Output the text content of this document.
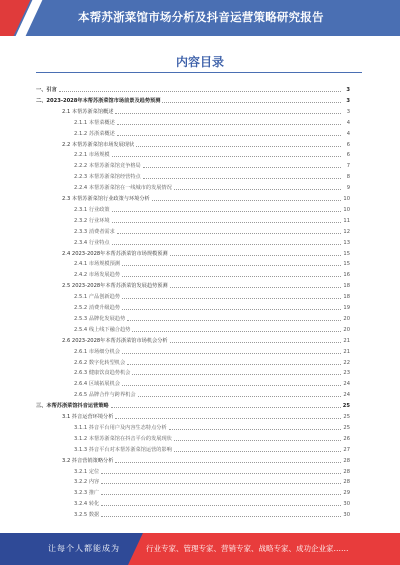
本帮苏浙菜馆市场分析及抖音运营策略研究报告
内容目录
一、引言	3
二、2023-2028年本帮苏浙菜馆市场前景及趋势预测	3
2.1 本帮苏浙菜馆概述	3
2.1.1 本帮菜概述	4
2.1.2 苏浙菜概述	4
2.2 本帮苏浙菜馆市场发展现状	6
2.2.1 市场规模	6
2.2.2 本帮苏浙菜馆竞争格局	7
2.2.3 本帮苏浙菜馆经营特点	8
2.2.4 本帮苏浙菜馆在一线城市的发展情况	9
2.3 本帮苏浙菜馆行业政策与环境分析	10
2.3.1 行业政策	10
2.3.2 行业环境	11
2.3.3 消费者需求	12
2.3.4 行业特点	13
2.4 2023-2028年本帮苏浙菜馆市场规模预测	15
2.4.1 市场规模预测	15
2.4.2 市场发展趋势	16
2.5 2023-2028年本帮苏浙菜馆发展趋势预测	18
2.5.1 产品创新趋势	18
2.5.2 消费升级趋势	19
2.5.3 品牌化发展趋势	20
2.5.4 线上线下融合趋势	20
2.6 2023-2028年本帮苏浙菜馆市场机会分析	21
2.6.1 市场细分机会	21
2.6.2 数字化转型机会	22
2.6.3 健康饮食趋势机会	23
2.6.4 区域拓展机会	24
2.6.5 品牌合作与跨界机会	24
三、本帮苏浙菜馆抖音运营策略	25
3.1 抖音运营环境分析	25
3.1.1 抖音平台用户及内容生态特点分析	25
3.1.2 本帮苏浙菜馆在抖音平台的发展现状	26
3.1.3 抖音平台对本帮苏浙菜馆运营的影响	27
3.2 抖音营销策略分析	28
3.2.1 定位	28
3.2.2 内容	28
3.2.3 推广	29
3.2.4 转化	30
3.2.5 数据	30
让每个人都能成为	行业专家、管理专家、营销专家、战略专家、成功企业家……
